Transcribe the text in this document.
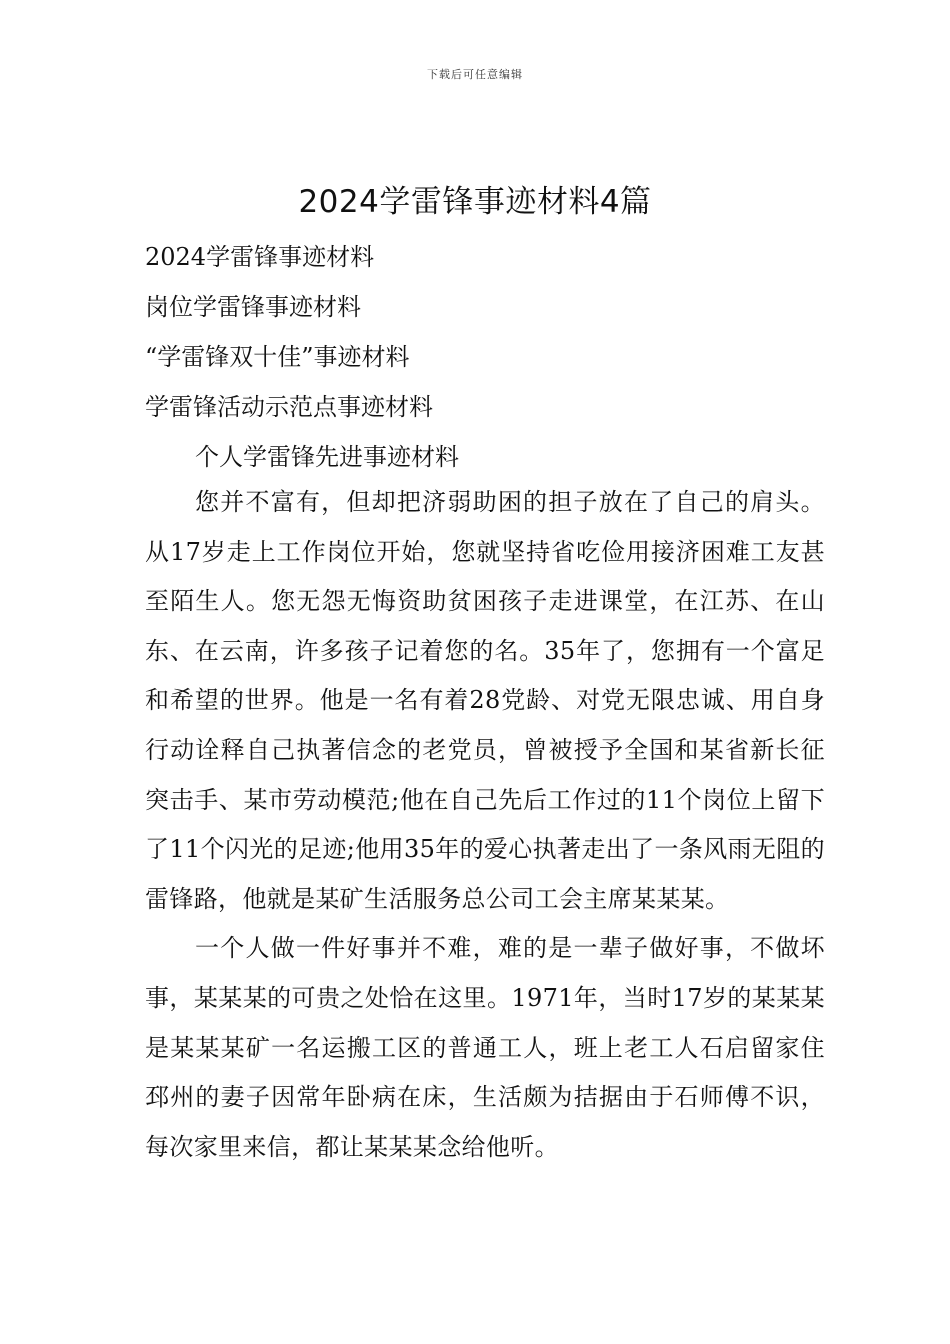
下载后可任意编辑
2024学雷锋事迹材料4篇
2024学雷锋事迹材料
岗位学雷锋事迹材料
“学雷锋双十佳”事迹材料
学雷锋活动示范点事迹材料
个人学雷锋先进事迹材料

您并不富有，但却把济弱助困的担子放在了自己的肩头。从17岁走上工作岗位开始，您就坚持省吃俭用接济困难工友甚至陌生人。您无怨无悔资助贫困孩子走进课堂，在江苏、在山东、在云南，许多孩子记着您的名。35年了，您拥有一个富足和希望的世界。他是一名有着28党龄、对党无限忠诚、用自身行动诠释自己执著信念的老党员，曾被授予全国和某省新长征突击手、某市劳动模范;他在自己先后工作过的11个岗位上留下了11个闪光的足迹;他用35年的爱心执著走出了一条风雨无阻的雷锋路，他就是某矿生活服务总公司工会主席某某某。

一个人做一件好事并不难，难的是一辈子做好事，不做坏事，某某某的可贵之处恰在这里。1971年，当时17岁的某某某是某某某矿一名运搬工区的普通工人，班上老工人石启留家住邳州的妻子因常年卧病在床，生活颇为拮据由于石师傅不识，每次家里来信，都让某某某念给他听。
